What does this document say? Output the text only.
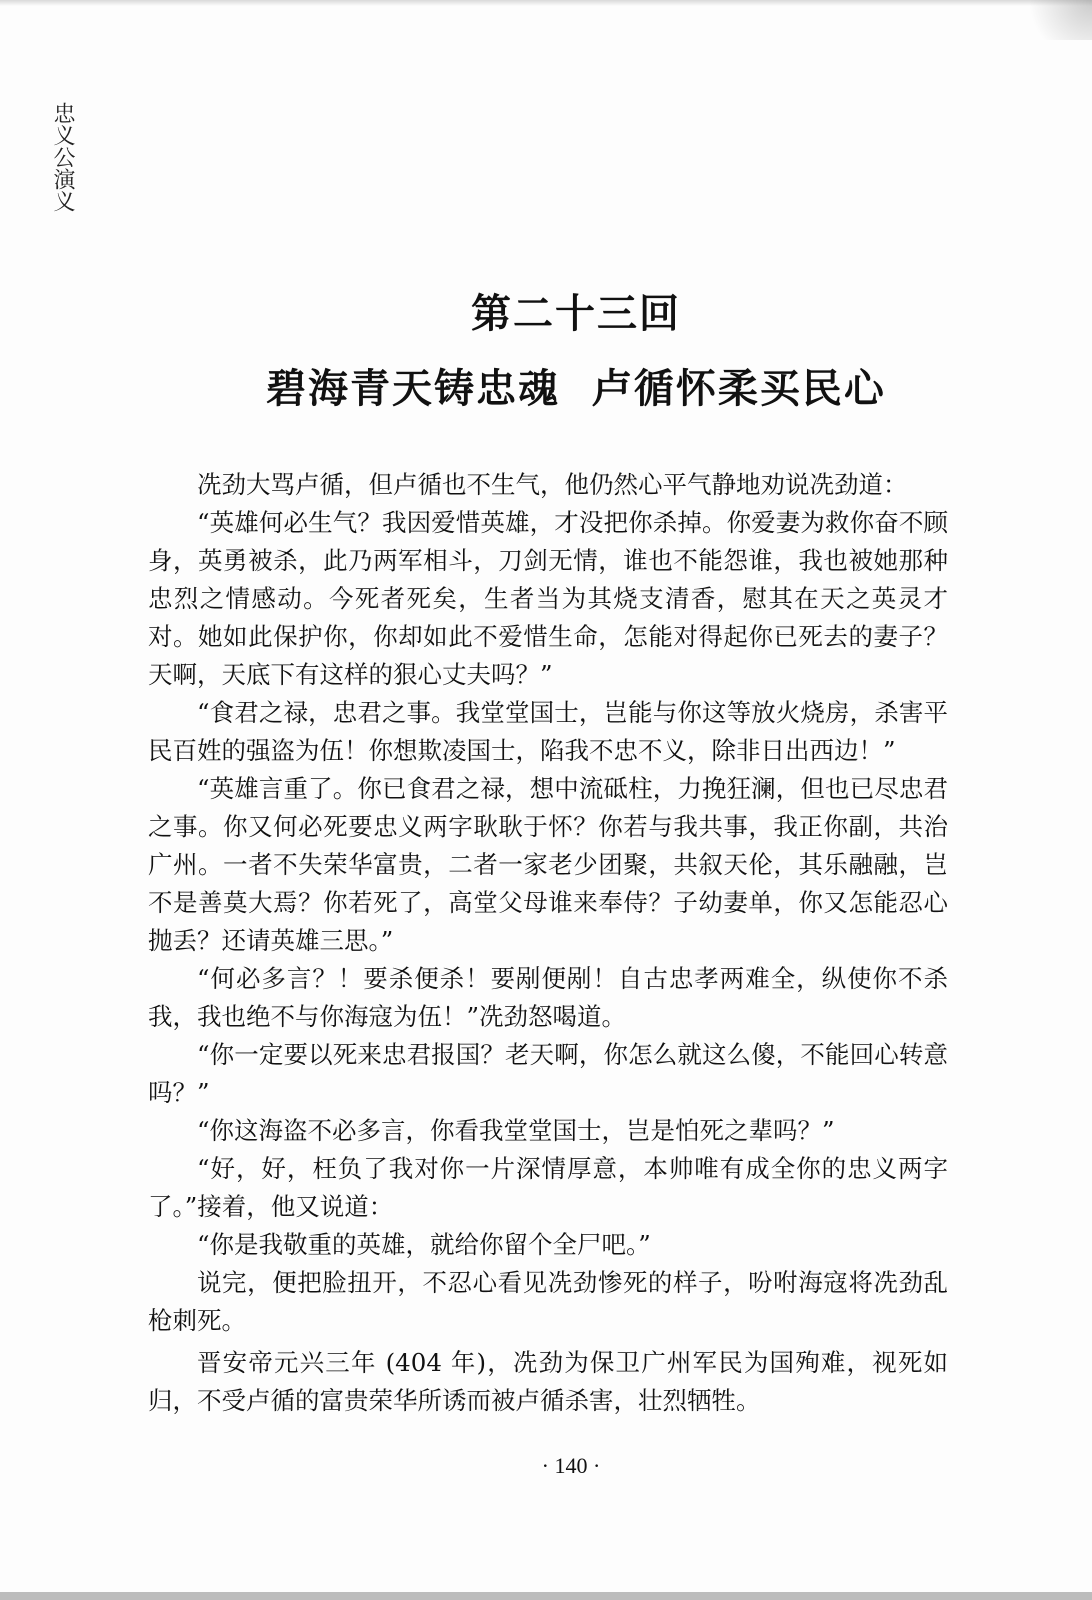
忠义公演义
第二十三回
碧海青天铸忠魂  卢循怀柔买民心

冼劲大骂卢循，但卢循也不生气，他仍然心平气静地劝说冼劲道：

“英雄何必生气？我因爱惜英雄，才没把你杀掉。你爱妻为救你奋不顾身，英勇被杀，此乃两军相斗，刀剑无情，谁也不能怨谁，我也被她那种忠烈之情感动。今死者死矣，生者当为其烧支清香，慰其在天之英灵才对。她如此保护你，你却如此不爱惜生命，怎能对得起你已死去的妻子？天啊，天底下有这样的狠心丈夫吗？”

“食君之禄，忠君之事。我堂堂国士，岂能与你这等放火烧房，杀害平民百姓的强盗为伍！你想欺凌国士，陷我不忠不义，除非日出西边！”

“英雄言重了。你已食君之禄，想中流砥柱，力挽狂澜，但也已尽忠君之事。你又何必死要忠义两字耿耿于怀？你若与我共事，我正你副，共治广州。一者不失荣华富贵，二者一家老少团聚，共叙天伦，其乐融融，岂不是善莫大焉？你若死了，高堂父母谁来奉侍？子幼妻单，你又怎能忍心抛丢？还请英雄三思。”

“何必多言？！要杀便杀！要剐便剐！自古忠孝两难全，纵使你不杀我，我也绝不与你海寇为伍！”冼劲怒喝道。

“你一定要以死来忠君报国？老天啊，你怎么就这么傻，不能回心转意吗？”

“你这海盗不必多言，你看我堂堂国士，岂是怕死之辈吗？”

“好，好，枉负了我对你一片深情厚意，本帅唯有成全你的忠义两字了。”接着，他又说道：

“你是我敬重的英雄，就给你留个全尸吧。”

说完，便把脸扭开，不忍心看见冼劲惨死的样子，吩咐海寇将冼劲乱枪刺死。

晋安帝元兴三年 (404 年)，冼劲为保卫广州军民为国殉难，视死如归，不受卢循的富贵荣华所诱而被卢循杀害，壮烈牺牲。

· 140 ·
